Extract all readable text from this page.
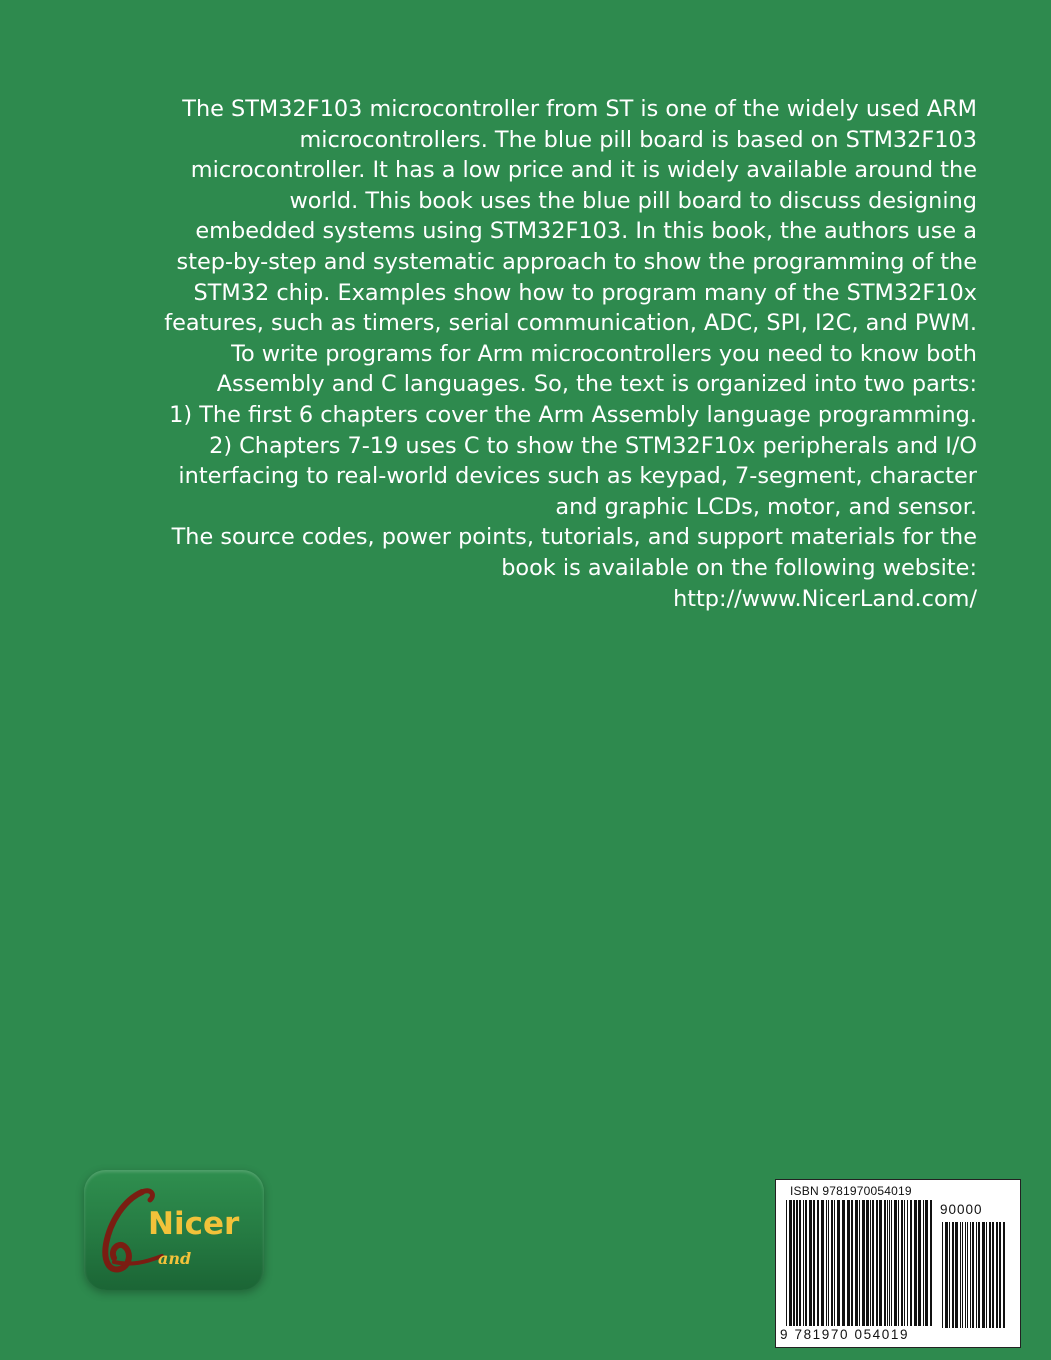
The STM32F103 microcontroller from ST is one of the widely used ARM
microcontrollers. The blue pill board is based on STM32F103
microcontroller. It has a low price and it is widely available around the
world. This book uses the blue pill board to discuss designing
embedded systems using STM32F103. In this book, the authors use a
step-by-step and systematic approach to show the programming of the
STM32 chip. Examples show how to program many of the STM32F10x
features, such as timers, serial communication, ADC, SPI, I2C, and PWM.
To write programs for Arm microcontrollers you need to know both
Assembly and C languages. So, the text is organized into two parts:
1) The first 6 chapters cover the Arm Assembly language programming.
2) Chapters 7-19 uses C to show the STM32F10x peripherals and I/O
interfacing to real-world devices such as keypad, 7-segment, character
and graphic LCDs, motor, and sensor.
The source codes, power points, tutorials, and support materials for the
book is available on the following website:
http://www.NicerLand.com/
Nicer
and
ISBN 9781970054019
90000
9 781970 054019
